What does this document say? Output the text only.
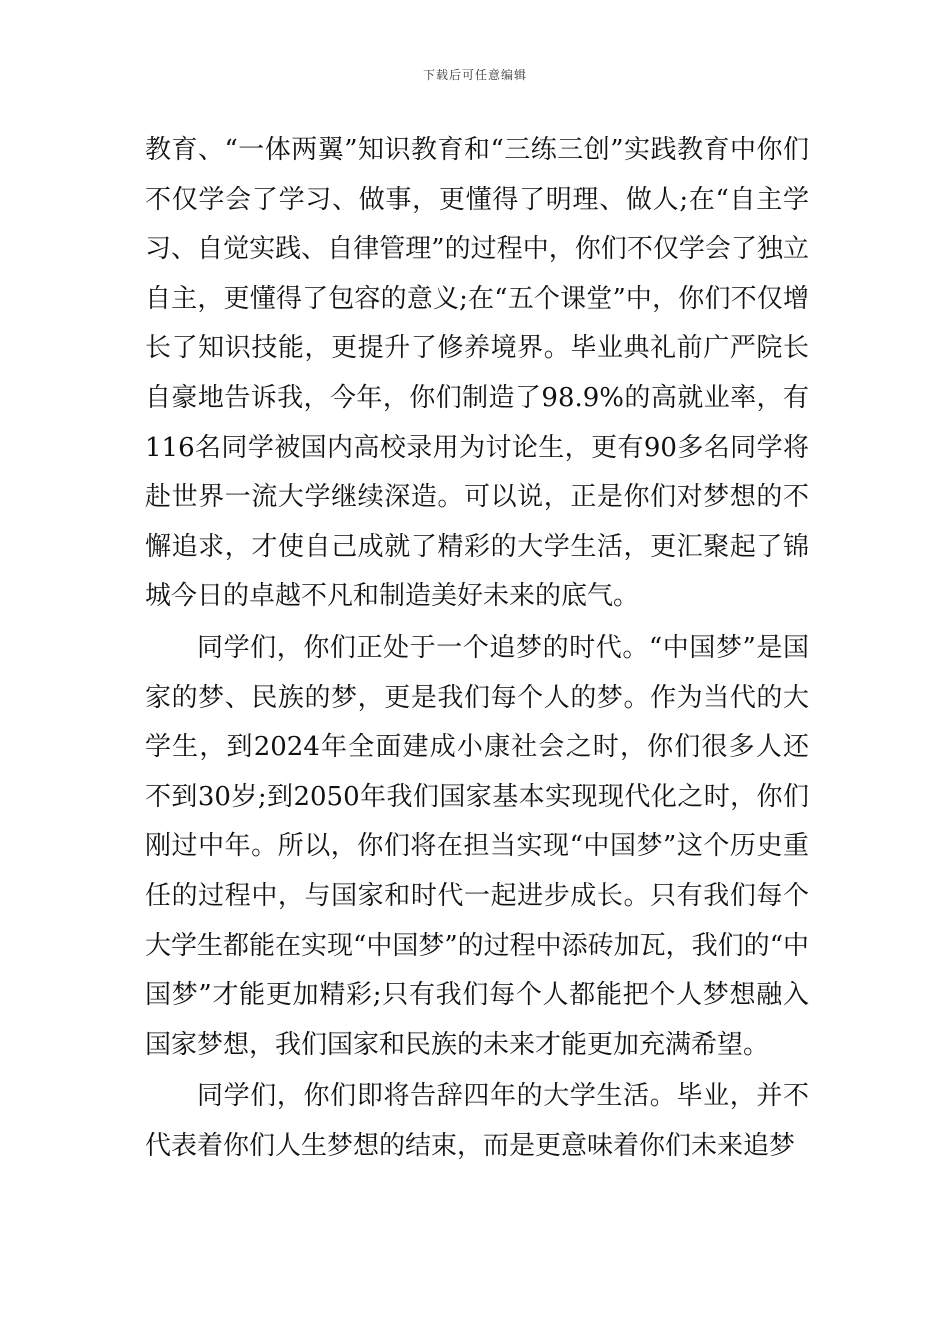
下载后可任意编辑

教育、“一体两翼”知识教育和“三练三创”实践教育中你们不仅学会了学习、做事，更懂得了明理、做人;在“自主学习、自觉实践、自律管理”的过程中，你们不仅学会了独立自主，更懂得了包容的意义;在“五个课堂”中，你们不仅增长了知识技能，更提升了修养境界。毕业典礼前广严院长自豪地告诉我，今年，你们制造了98.9%的高就业率，有116名同学被国内高校录用为讨论生，更有90多名同学将赴世界一流大学继续深造。可以说，正是你们对梦想的不懈追求，才使自己成就了精彩的大学生活，更汇聚起了锦城今日的卓越不凡和制造美好未来的底气。

同学们，你们正处于一个追梦的时代。“中国梦”是国家的梦、民族的梦，更是我们每个人的梦。作为当代的大学生，到2024年全面建成小康社会之时，你们很多人还不到30岁;到2050年我们国家基本实现现代化之时，你们刚过中年。所以，你们将在担当实现“中国梦”这个历史重任的过程中，与国家和时代一起进步成长。只有我们每个大学生都能在实现“中国梦”的过程中添砖加瓦，我们的“中国梦”才能更加精彩;只有我们每个人都能把个人梦想融入国家梦想，我们国家和民族的未来才能更加充满希望。

同学们，你们即将告辞四年的大学生活。毕业，并不代表着你们人生梦想的结束，而是更意味着你们未来追梦
